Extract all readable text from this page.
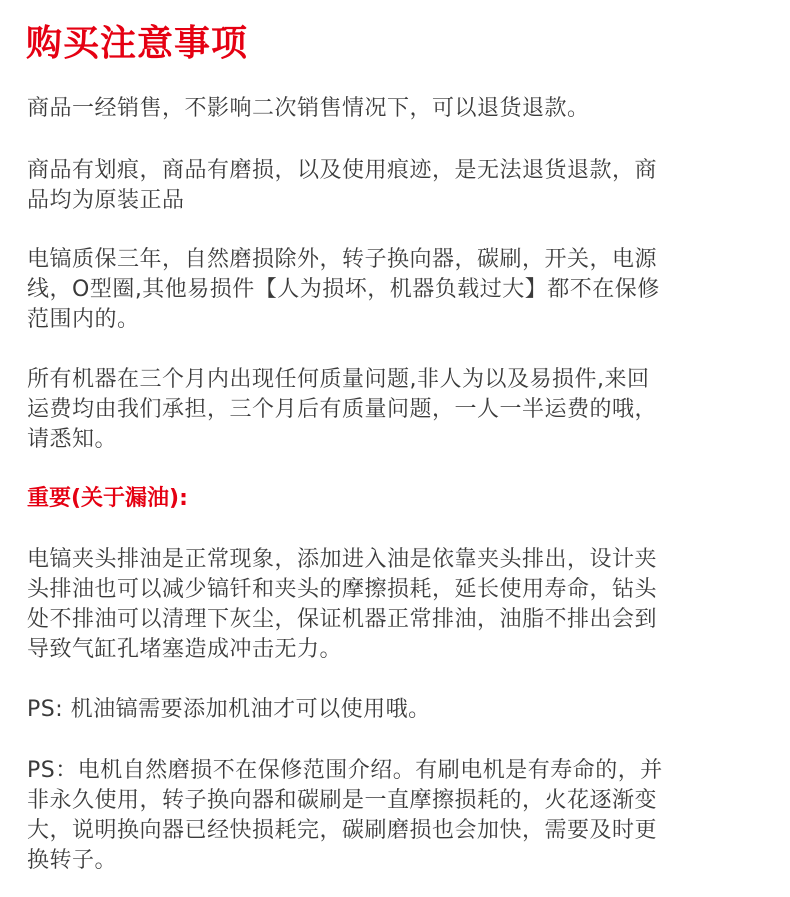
购买注意事项
商品一经销售，不影响二次销售情况下，可以退货退款。
商品有划痕，商品有磨损，以及使用痕迹，是无法退货退款，商
品均为原装正品
电镐质保三年，自然磨损除外，转子换向器，碳刷，开关，电源
线，O型圈,其他易损件【人为损坏，机器负载过大】都不在保修
范围内的。
所有机器在三个月内出现任何质量问题,非人为以及易损件,来回
运费均由我们承担，三个月后有质量问题，一人一半运费的哦，
请悉知。
重要(关于漏油):
电镐夹头排油是正常现象，添加进入油是依靠夹头排出，设计夹
头排油也可以减少镐钎和夹头的摩擦损耗，延长使用寿命，钻头
处不排油可以清理下灰尘，保证机器正常排油，油脂不排出会到
导致气缸孔堵塞造成冲击无力。
PS: 机油镐需要添加机油才可以使用哦。
PS：电机自然磨损不在保修范围介绍。有刷电机是有寿命的，并
非永久使用，转子换向器和碳刷是一直摩擦损耗的，火花逐渐变
大，说明换向器已经快损耗完，碳刷磨损也会加快，需要及时更
换转子。
